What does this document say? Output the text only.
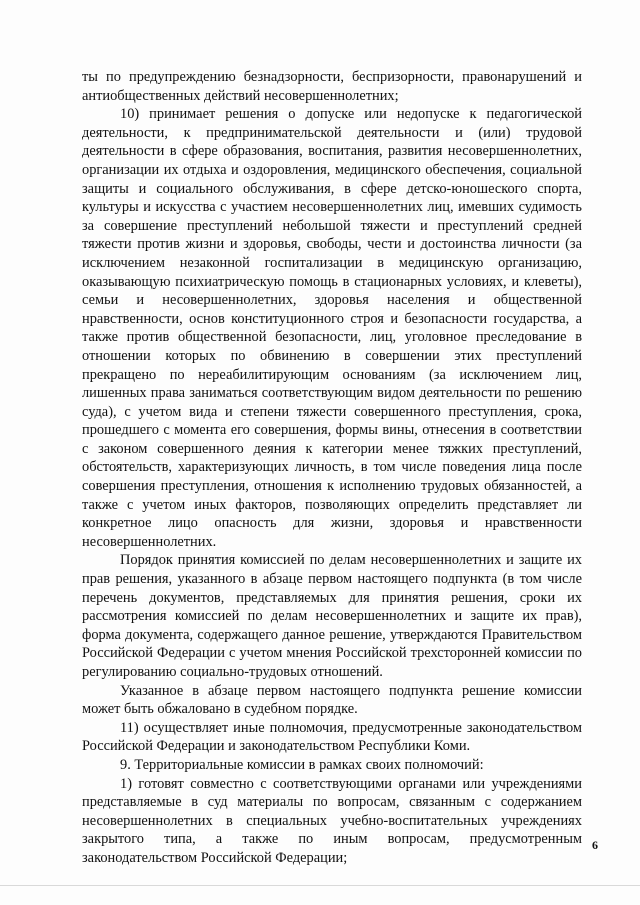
ты по предупреждению безнадзорности, беспризорности, правонарушений и антиобщественных действий несовершеннолетних;

10) принимает решения о допуске или недопуске к педагогической деятельности, к предпринимательской деятельности и (или) трудовой деятельности в сфере образования, воспитания, развития несовершеннолетних, организации их отдыха и оздоровления, медицинского обеспечения, социальной защиты и социального обслуживания, в сфере детско-юношеского спорта, культуры и искусства с участием несовершеннолетних лиц, имевших судимость за совершение преступлений небольшой тяжести и преступлений средней тяжести против жизни и здоровья, свободы, чести и достоинства личности (за исключением незаконной госпитализации в медицинскую организацию, оказывающую психиатрическую помощь в стационарных условиях, и клеветы), семьи и несовершеннолетних, здоровья населения и общественной нравственности, основ конституционного строя и безопасности государства, а также против общественной безопасности, лиц, уголовное преследование в отношении которых по обвинению в совершении этих преступлений прекращено по нереабилитирующим основаниям (за исключением лиц, лишенных права заниматься соответствующим видом деятельности по решению суда), с учетом вида и степени тяжести совершенного преступления, срока, прошедшего с момента его совершения, формы вины, отнесения в соответствии с законом совершенного деяния к категории менее тяжких преступлений, обстоятельств, характеризующих личность, в том числе поведения лица после совершения преступления, отношения к исполнению трудовых обязанностей, а также с учетом иных факторов, позволяющих определить представляет ли конкретное лицо опасность для жизни, здоровья и нравственности несовершеннолетних.

Порядок принятия комиссией по делам несовершеннолетних и защите их прав решения, указанного в абзаце первом настоящего подпункта (в том числе перечень документов, представляемых для принятия решения, сроки их рассмотрения комиссией по делам несовершеннолетних и защите их прав), форма документа, содержащего данное решение, утверждаются Правительством Российской Федерации с учетом мнения Российской трехсторонней комиссии по регулированию социально-трудовых отношений.

Указанное в абзаце первом настоящего подпункта решение комиссии может быть обжаловано в судебном порядке.

11) осуществляет иные полномочия, предусмотренные законодательством Российской Федерации и законодательством Республики Коми.

9. Территориальные комиссии в рамках своих полномочий:

1) готовят совместно с соответствующими органами или учреждениями представляемые в суд материалы по вопросам, связанным с содержанием несовершеннолетних в специальных учебно-воспитательных учреждениях закрытого типа, а также по иным вопросам, предусмотренным законодательством Российской Федерации;

6
